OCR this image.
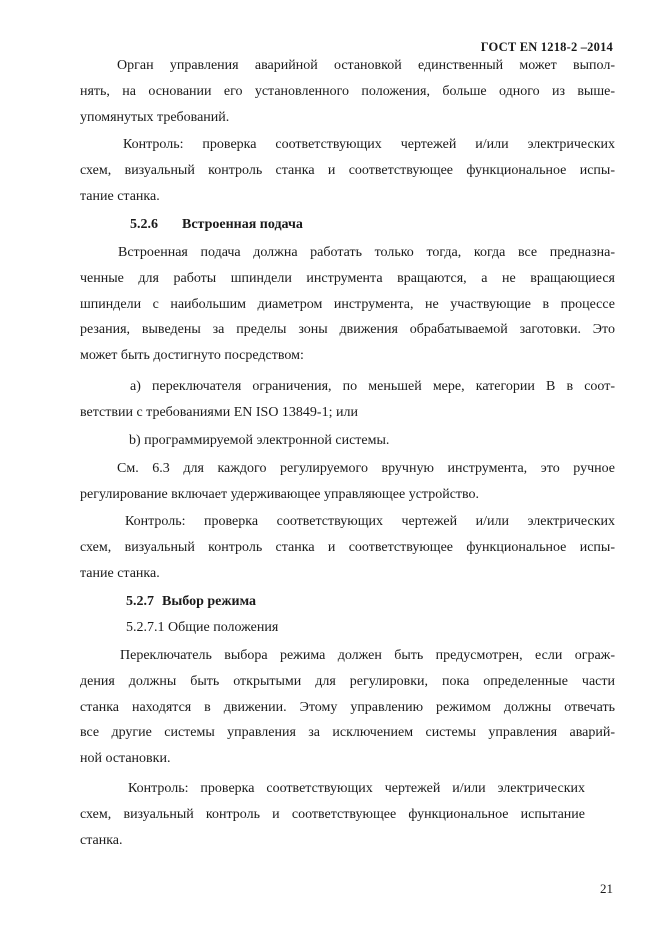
ГОСТ EN 1218-2 –2014
Орган управления аварийной остановкой единственный может выпол-
нять, на основании его установленного положения, больше одного из выше-
упомянутых требований.
Контроль: проверка соответствующих чертежей и/или электрических
схем, визуальный контроль станка и соответствующее функциональное испы-
тание станка.
5.2.6 Встроенная подача
Встроенная подача должна работать только тогда, когда все предназна-
ченные для работы шпиндели инструмента вращаются, а не вращающиеся
шпиндели с наибольшим диаметром инструмента, не участвующие в процессе
резания, выведены за пределы зоны движения обрабатываемой заготовки. Это
может быть достигнуто посредством:
a) переключателя ограничения, по меньшей мере, категории B в соот-
ветствии с требованиями EN ISO 13849-1; или
b) программируемой электронной системы.
См. 6.3 для каждого регулируемого вручную инструмента, это ручное
регулирование включает удерживающее управляющее устройство.
Контроль: проверка соответствующих чертежей и/или электрических
схем, визуальный контроль станка и соответствующее функциональное испы-
тание станка.
5.2.7 Выбор режима
5.2.7.1 Общие положения
Переключатель выбора режима должен быть предусмотрен, если ограж-
дения должны быть открытыми для регулировки, пока определенные части
станка находятся в движении. Этому управлению режимом должны отвечать
все другие системы управления за исключением системы управления аварий-
ной остановки.
Контроль: проверка соответствующих чертежей и/или электрических
схем, визуальный контроль и соответствующее функциональное испытание
станка.
21
